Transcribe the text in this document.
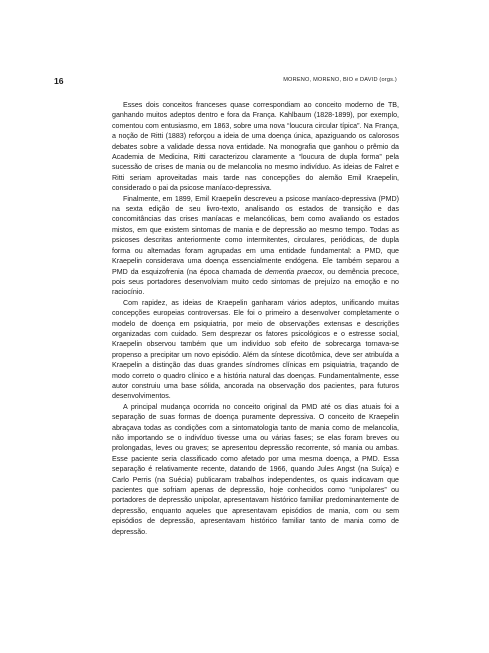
16	MORENO, MORENO, BIO e DAVID (orgs.)

Esses dois conceitos franceses quase correspondiam ao conceito moderno de TB, ganhando muitos adeptos dentro e fora da França. Kahlbaum (1828-1899), por exemplo, comentou com entusiasmo, em 1863, sobre uma nova “loucura circular típica”. Na França, a noção de Ritti (1883) reforçou a ideia de uma doença única, apaziguando os calorosos debates sobre a validade dessa nova entidade. Na monografia que ganhou o prêmio da Academia de Medicina, Ritti caracterizou claramente a “loucura de dupla forma” pela sucessão de crises de mania ou de melancolia no mesmo indivíduo. As ideias de Falret e Ritti seriam aproveitadas mais tarde nas concepções do alemão Emil Kraepelin, considerado o pai da psicose maníaco-depressiva.

Finalmente, em 1899, Emil Kraepelin descreveu a psicose maníaco-depressiva (PMD) na sexta edição de seu livro-texto, analisando os estados de transição e das concomitâncias das crises maníacas e melancólicas, bem como avaliando os estados mistos, em que existem sintomas de mania e de depressão ao mesmo tempo. Todas as psicoses descritas anteriormente como intermitentes, circulares, periódicas, de dupla forma ou alternadas foram agrupadas em uma entidade fundamental: a PMD, que Kraepelin considerava uma doença essencialmente endógena. Ele também separou a PMD da esquizofrenia (na época chamada de dementia praecox, ou demência precoce, pois seus portadores desenvolviam muito cedo sintomas de prejuízo na emoção e no raciocínio.

Com rapidez, as ideias de Kraepelin ganharam vários adeptos, unificando muitas concepções europeias controversas. Ele foi o primeiro a desenvolver completamente o modelo de doença em psiquiatria, por meio de observações extensas e descrições organizadas com cuidado. Sem desprezar os fatores psicológicos e o estresse social, Kraepelin observou também que um indivíduo sob efeito de sobrecarga tornava-se propenso a precipitar um novo episódio. Além da síntese dicotômica, deve ser atribuída a Kraepelin a distinção das duas grandes síndromes clínicas em psiquiatria, traçando de modo correto o quadro clínico e a história natural das doenças. Fundamentalmente, esse autor construiu uma base sólida, ancorada na observação dos pacientes, para futuros desenvolvimentos.

A principal mudança ocorrida no conceito original da PMD até os dias atuais foi a separação de suas formas de doença puramente depressiva. O conceito de Kraepelin abraçava todas as condições com a sintomatologia tanto de mania como de melancolia, não importando se o indivíduo tivesse uma ou várias fases; se elas foram breves ou prolongadas, leves ou graves; se apresentou depressão recorrente, só mania ou ambas. Esse paciente seria classificado como afetado por uma mesma doença, a PMD. Essa separação é relativamente recente, datando de 1966, quando Jules Angst (na Suíça) e Carlo Perris (na Suécia) publicaram trabalhos independentes, os quais indicavam que pacientes que sofriam apenas de depressão, hoje conhecidos como “unipolares” ou portadores de depressão unipolar, apresentavam histórico familiar predominantemente de depressão, enquanto aqueles que apresentavam episódios de mania, com ou sem episódios de depressão, apresentavam histórico familiar tanto de mania como de depressão.
